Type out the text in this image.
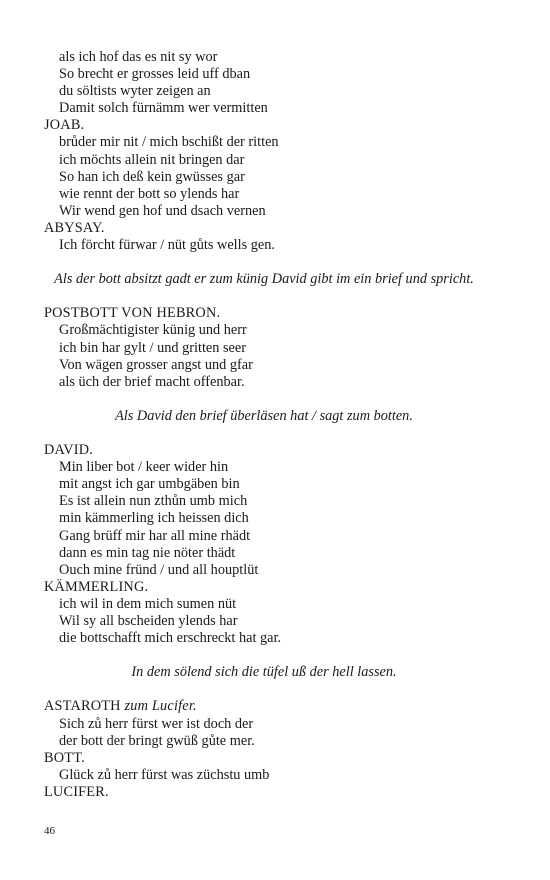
als ich hof das es nit sy wor
So brecht er grosses leid uff dban
du söltists wyter zeigen an
Damit solch fürnämm wer vermitten
JOAB.
brůder mir nit / mich bschißt der ritten
ich möchts allein nit bringen dar
So han ich deß kein gwüsses gar
wie rennt der bott so ylends har
Wir wend gen hof und dsach vernen
ABYSAY.
Ich förcht fürwar / nüt gůts wells gen.
Als der bott absitzt gadt er zum künig David gibt im ein brief und spricht.
POSTBOTT VON HEBRON.
Großmächtigister künig und herr
ich bin har gylt / und gritten seer
Von wägen grosser angst und gfar
als üch der brief macht offenbar.
Als David den brief überläsen hat / sagt zum botten.
DAVID.
Min liber bot / keer wider hin
mit angst ich gar umbgäben bin
Es ist allein nun zthůn umb mich
min kämmerling ich heissen dich
Gang brüff mir har all mine rhädt
dann es min tag nie nöter thädt
Ouch mine fründ / und all houptlüt
KÄMMERLING.
ich wil in dem mich sumen nüt
Wil sy all bscheiden ylends har
die bottschafft mich erschreckt hat gar.
In dem sölend sich die tüfel uß der hell lassen.
ASTAROTH zum Lucifer.
Sich zů herr fürst wer ist doch der
der bott der bringt gwüß gůte mer.
BOTT.
Glück zů herr fürst was züchstu umb
LUCIFER.
46
